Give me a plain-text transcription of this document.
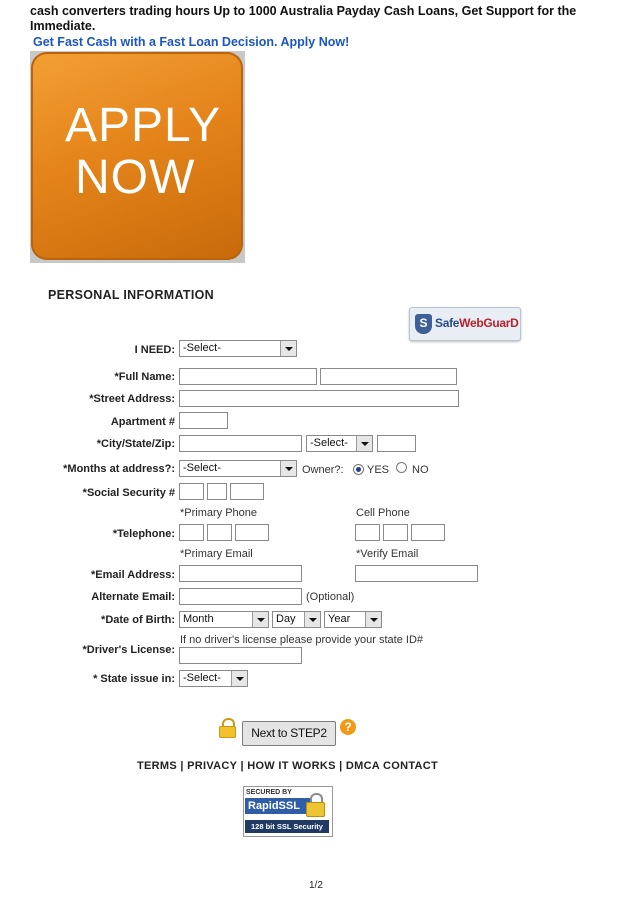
cash converters trading hours Up to 1000 Australia Payday Cash Loans, Get Support for the Immediate.
Get Fast Cash with a Fast Loan Decision. Apply Now!
APPLY
NOW
PERSONAL INFORMATION
S SafeWebGuarD
I NEED: -Select-
*Full Name:
*Street Address:
Apartment #
*City/State/Zip:	-Select-
*Months at address?: -Select-	Owner?: YES NO
*Social Security #
*Primary Phone	Cell Phone
*Telephone:
*Primary Email	*Verify Email
*Email Address:
Alternate Email:	(Optional)
*Date of Birth: Month	Day	Year
If no driver's license please provide your state ID#
*Driver's License:
* State issue in: -Select-
Next to STEP2	?
TERMS | PRIVACY | HOW IT WORKS | DMCA CONTACT
SECURED BY
RapidSSL
128 bit SSL Security
1/2
